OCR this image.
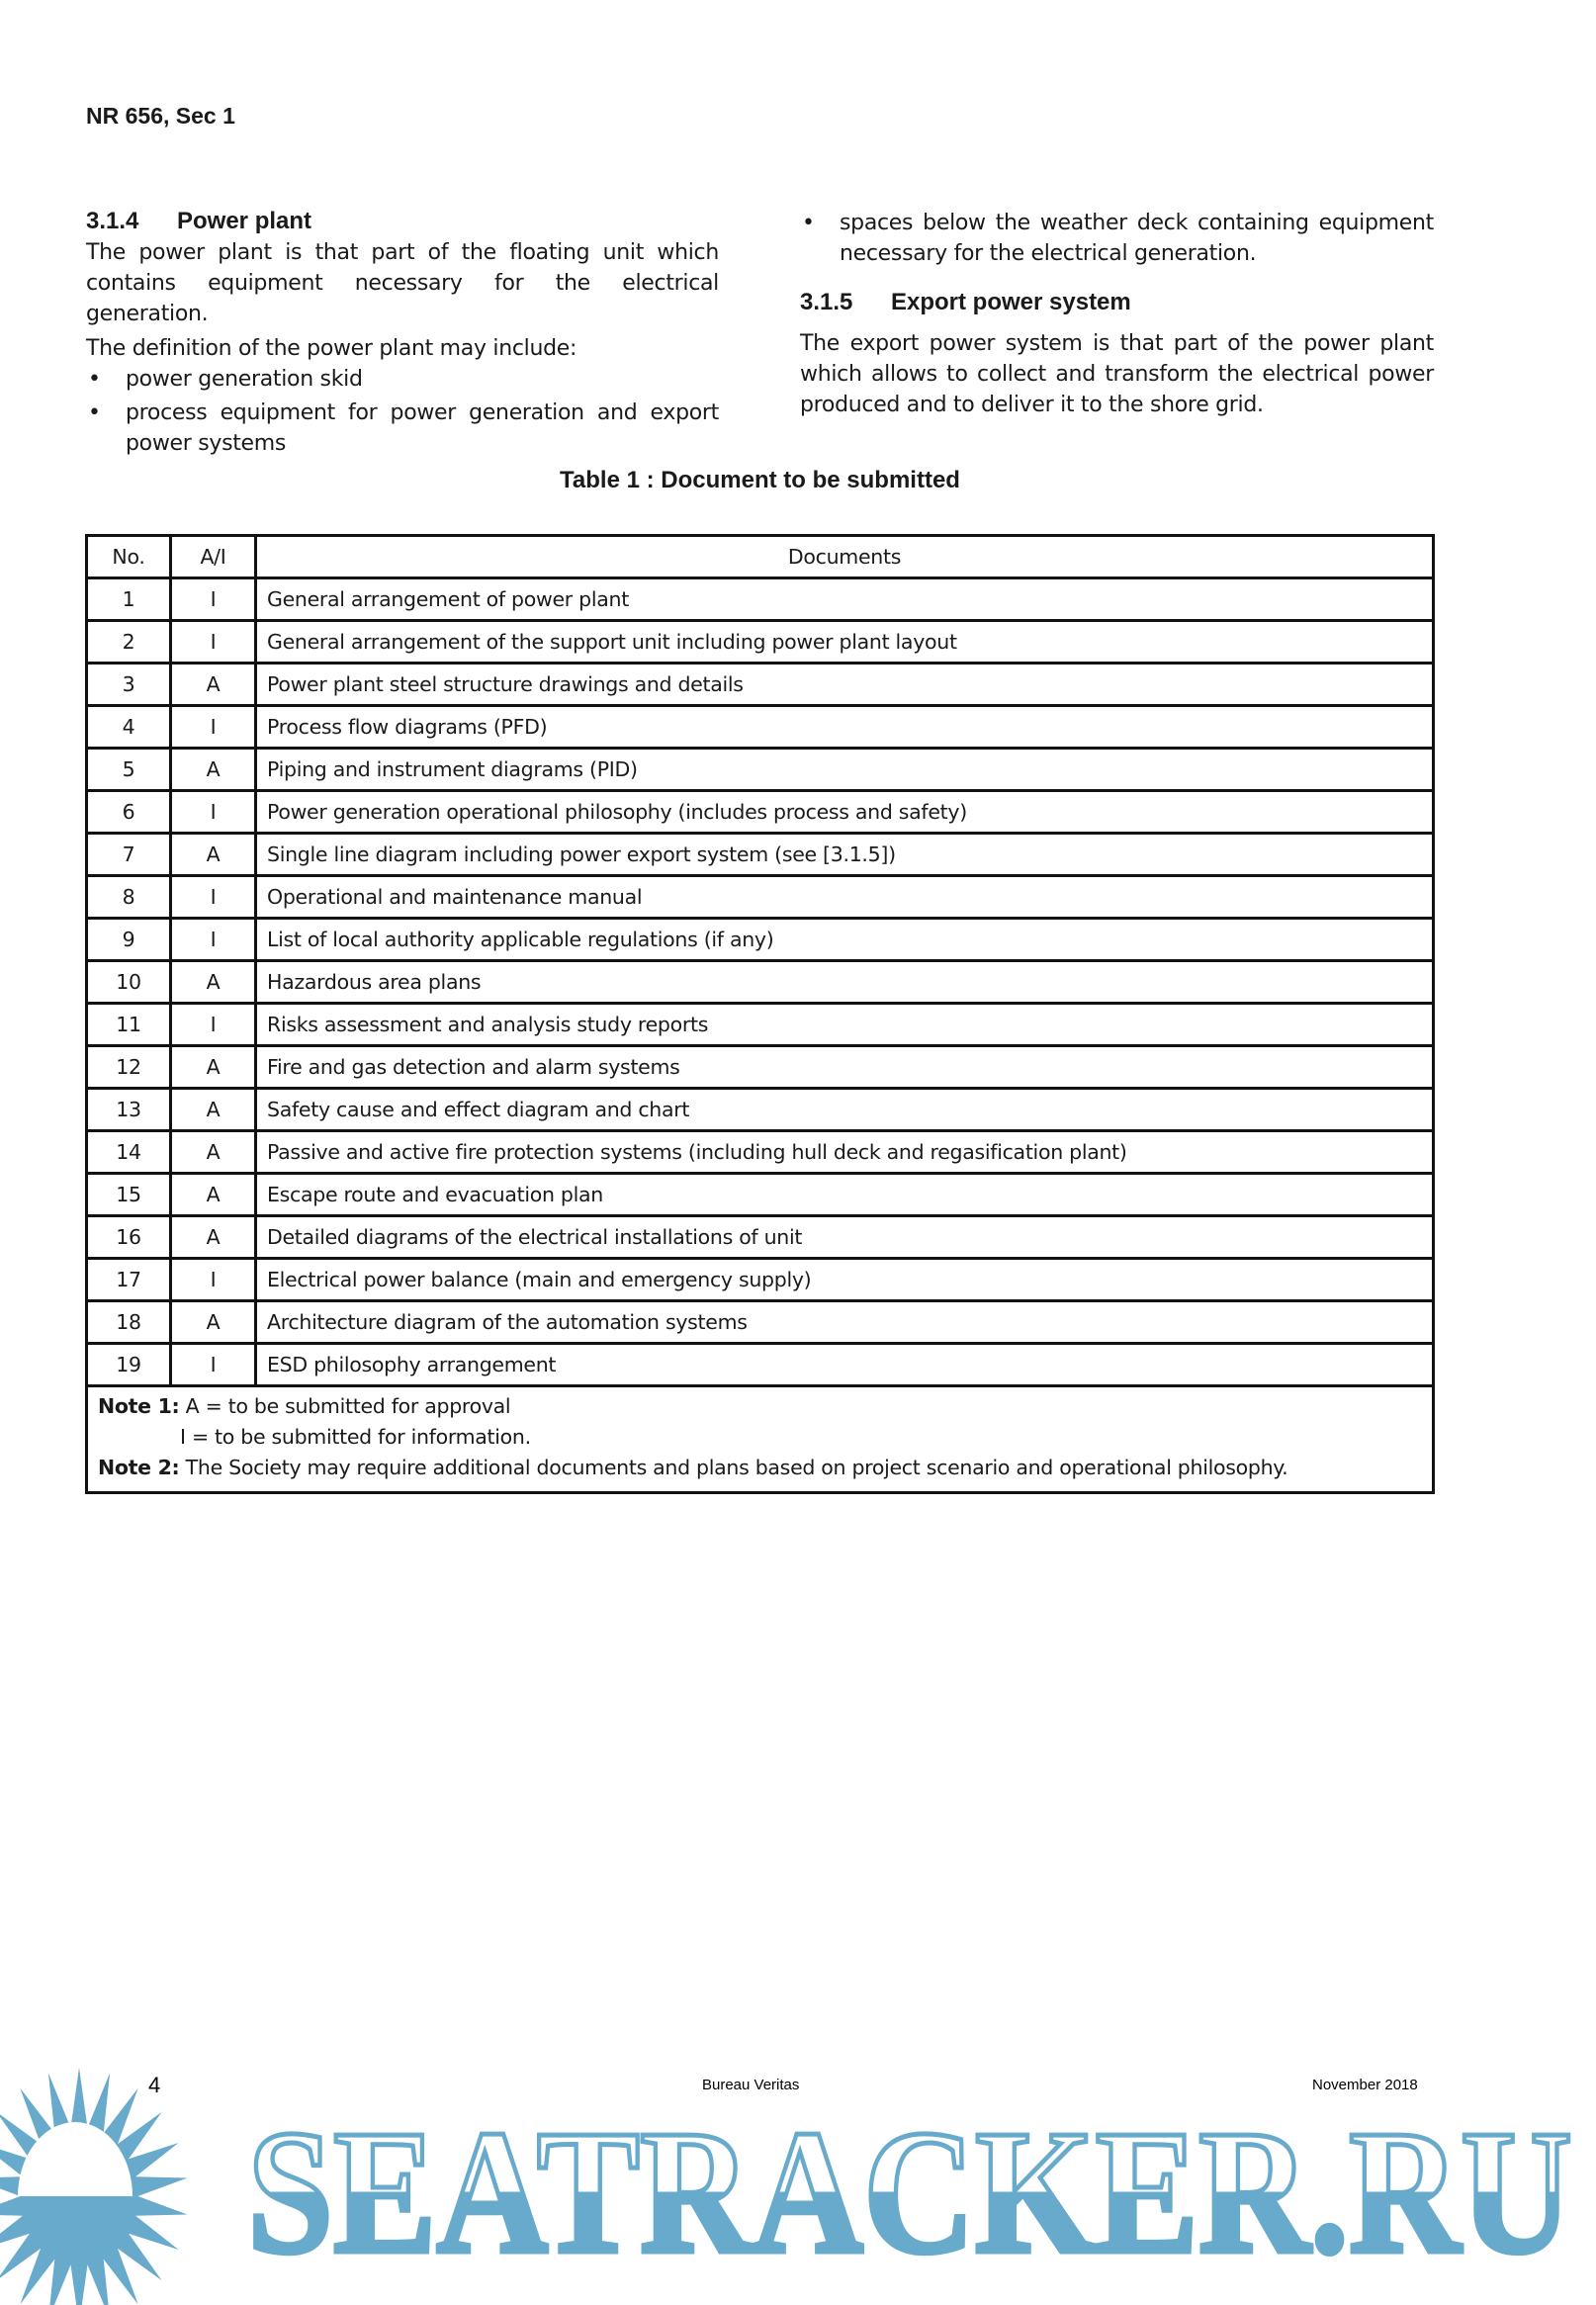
NR 656, Sec 1
3.1.4 Power plant

The power plant is that part of the floating unit which contains equipment necessary for the electrical generation.

The definition of the power plant may include:

• power generation skid
• process equipment for power generation and export power systems
• spaces below the weather deck containing equipment necessary for the electrical generation.
3.1.5 Export power system

The export power system is that part of the power plant which allows to collect and transform the electrical power produced and to deliver it to the shore grid.

Table 1 : Document to be submitted
No.	A/I	Documents
1	I	General arrangement of power plant
2	I	General arrangement of the support unit including power plant layout
3	A	Power plant steel structure drawings and details
4	I	Process flow diagrams (PFD)
5	A	Piping and instrument diagrams (PID)
6	I	Power generation operational philosophy (includes process and safety)
7	A	Single line diagram including power export system (see [3.1.5])
8	I	Operational and maintenance manual
9	I	List of local authority applicable regulations (if any)
10	A	Hazardous area plans
11	I	Risks assessment and analysis study reports
12	A	Fire and gas detection and alarm systems
13	A	Safety cause and effect diagram and chart
14	A	Passive and active fire protection systems (including hull deck and regasification plant)
15	A	Escape route and evacuation plan
16	A	Detailed diagrams of the electrical installations of unit
17	I	Electrical power balance (main and emergency supply)
18	A	Architecture diagram of the automation systems
19	I	ESD philosophy arrangement

Note 1: A = to be submitted for approval
I = to be submitted for information.
Note 2: The Society may require additional documents and plans based on project scenario and operational philosophy.		
SEATRACKER.RU
4	Bureau Veritas	November 2018
